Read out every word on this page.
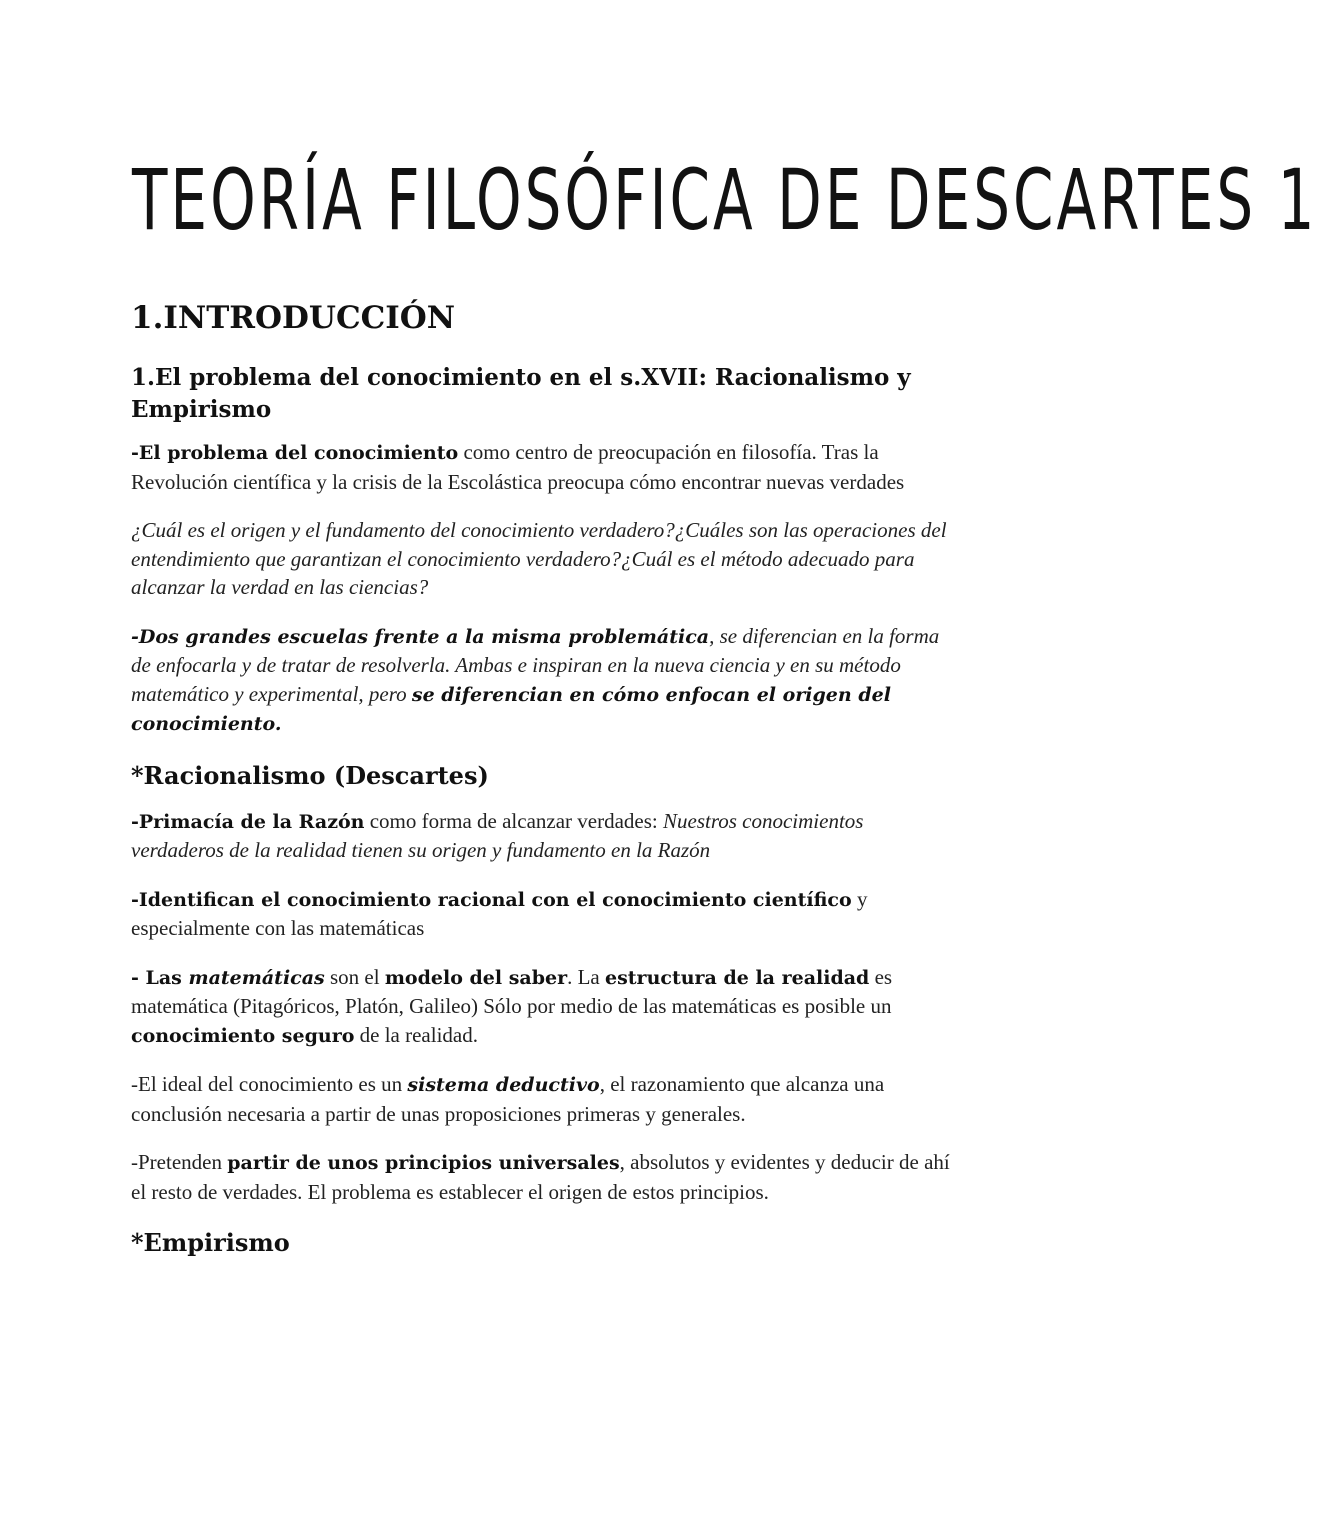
TEORÍA FILOSÓFICA DE DESCARTES 1
1.INTRODUCCIÓN
1.El problema del conocimiento en el s.XVII: Racionalismo y Empirismo

-El problema del conocimiento como centro de preocupación en filosofía. Tras la Revolución científica y la crisis de la Escolástica preocupa cómo encontrar nuevas verdades

¿Cuál es el origen y el fundamento del conocimiento verdadero?¿Cuáles son las operaciones del entendimiento que garantizan el conocimiento verdadero?¿Cuál es el método adecuado para alcanzar la verdad en las ciencias?

-Dos grandes escuelas frente a la misma problemática, se diferencian en la forma de enfocarla y de tratar de resolverla. Ambas e inspiran en la nueva ciencia y en su método matemático y experimental, pero se diferencian en cómo enfocan el origen del conocimiento.

*Racionalismo (Descartes)

-Primacía de la Razón como forma de alcanzar verdades: Nuestros conocimientos verdaderos de la realidad tienen su origen y fundamento en la Razón

-Identifican el conocimiento racional con el conocimiento científico y especialmente con las matemáticas

- Las matemáticas son el modelo del saber. La estructura de la realidad es matemática (Pitagóricos, Platón, Galileo) Sólo por medio de las matemáticas es posible un conocimiento seguro de la realidad.

-El ideal del conocimiento es un sistema deductivo, el razonamiento que alcanza una conclusión necesaria a partir de unas proposiciones primeras y generales.

-Pretenden partir de unos principios universales, absolutos y evidentes y deducir de ahí el resto de verdades. El problema es establecer el origen de estos principios.

*Empirismo
